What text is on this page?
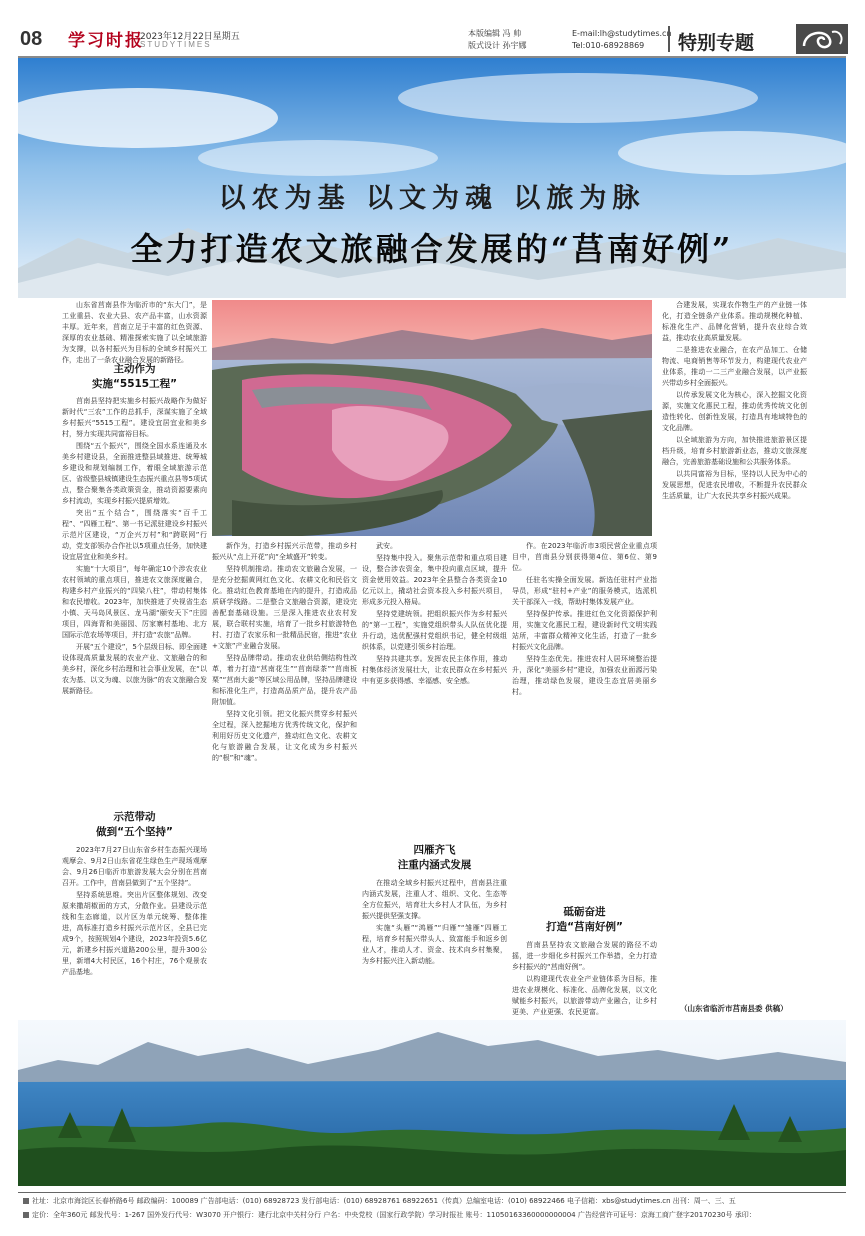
08 学习时报
2023年12月22日星期五
STUDYTIMES
本版编辑 冯 帅
版式设计 孙宇娜
E-mail:lh@studytimes.cn
Tel:010-68928869	特别专题
以农为基 以文为魂 以旅为脉
全力打造农文旅融合发展的“莒南好例”

山东省莒南县作为临沂市的“东大门”，是工业重县、农业大县、农产品丰富，山水资源丰厚。近年来，莒南立足于丰富的红色资源、深厚的农业基础、精准探索实施了以全域旅游为支撑，以各村振兴为目标的全域乡村振兴工作，走出了一条农业融合发展的新路径。

主动作为
实施“5515工程”

莒南县坚持把实施乡村振兴战略作为做好新时代“三农”工作的总抓手，深谋实施了全域乡村振兴“5515工程”。建设宜居宜业和美乡村，努力实现共同富裕目标。

围绕“五个振兴”，围绕全国水系连通及水美乡村建设县，全面推进整县域推进、统筹城乡建设和规划编制工作，着眼全域旅游示范区、省级整县城镇建设生态振兴重点县等5项试点，整合聚集各类政策资金，推动资源要素向乡村流动，实现乡村振兴提质增效。

突出“五个结合”，围绕落实“百千工程”、“四雁工程”、第一书记派驻建设乡村振兴示范片区建设，“万企兴万村”和“跨联网”行动，党支部领办合作社以5项重点任务，加快建设宜居宜业和美乡村。

实施“十大项目”，每年确定10个涉农农业农村领域的重点项目，推进农文旅深度融合，构建乡村产业振兴的“四梁八柱”，带动村集体和农民增收。2023年，加快推进了央视省生态小镇、天马岛风景区、龙马湖“颐安天下”庄园项目，四海青和美丽园、厉家寨村基地、北方国际示范农场等项目，并打造“农旅”品牌。

开展“五个建设”，5个层级目标、即全面建设体现高质量发展的农业产业、文旅融合的和美乡村，深化乡村治理和社会事业发展，在“以农为基、以文为魂、以旅为脉”的农文旅融合发展新路径。

示范带动
做到“五个坚持”

2023年7月27日山东省乡村生态振兴现场观摩会、9月2日山东省花生绿色生产现场观摩会、9月26日临沂市旅游发展大会分别在莒南召开。工作中，莒南县做到了“五个坚持”。

坚持系统思维。突出片区整体规划、改变原来撒胡椒面的方式，分散作业。县建设示范线和生态廊道，以片区为单元统筹、整体推进，高标准打造乡村振兴示范片区，全县已完成9个，按照规划4个建设，2023年投资5.6亿元，新建乡村振兴道路200公里，提升300公里，新增4大村民区，16个村庄，76个观景农产品基地。

新作为，打造乡村振兴示范带，推动乡村振兴从“点上开花”向“全域盛开”转变。

坚持机制推动。推动农文旅融合发展，一是充分挖掘黄网红色文化、农耕文化和民俗文化。推动红色教育基地在内的提升，打造成品质研学线路。二是整合文旅融合资源，建设完善配套基础设施。三是深入推进农业农村发展，联合联村实施，培育了一批乡村旅游特色村、打造了农家乐和一批精品民宿，推进“农业+文旅”产业融合发展。

坚持品牌带动。推动农业供给侧结构性改革，着力打造“莒南花生”“莒南绿茶”“莒南板栗”“莒南大姜”等区域公用品牌，坚持品牌建设和标准化生产，打造高品质产品，提升农产品附加值。

坚持文化引领。把文化振兴贯穿乡村振兴全过程，深入挖掘地方优秀传统文化，保护和利用好历史文化遗产，推动红色文化、农耕文化与旅游融合发展，让文化成为乡村振兴的“根”和“魂”。

武安。

坚持集中投入。聚焦示范带和重点项目建设，整合涉农资金，集中投向重点区域，提升资金使用效益。2023年全县整合各类资金10亿元以上，撬动社会资本投入乡村振兴项目，形成多元投入格局。

坚持党建统领。把组织振兴作为乡村振兴的“第一工程”，实施党组织带头人队伍优化提升行动，选优配强村党组织书记，健全村级组织体系，以党建引领乡村治理。

坚持共建共享。发挥农民主体作用，推动村集体经济发展壮大，让农民群众在乡村振兴中有更多获得感、幸福感、安全感。

四雁齐飞
注重内涵式发展

在推动全域乡村振兴过程中，莒南县注重内涵式发展，注重人才、组织、文化、生态等全方位振兴，培育壮大乡村人才队伍，为乡村振兴提供坚强支撑。

实施“头雁”“鸿雁”“归雁”“雏雁”四雁工程，培育乡村振兴带头人、致富能手和返乡创业人才，推动人才、资金、技术向乡村集聚，为乡村振兴注入新动能。

作。在2023年临沂市3项民营企业重点项目中，莒南县分别获得第4位、第6位、第9位。

任驻名实操全面发展。新选任驻村产业指导员，形成“驻村+产业”的服务模式，选派机关干部深入一线，帮助村集体发展产业。

坚持保护传承。推进红色文化资源保护利用，实施文化惠民工程，建设新时代文明实践站所，丰富群众精神文化生活，打造了一批乡村振兴文化品牌。

坚持生态优先。推进农村人居环境整治提升，深化“美丽乡村”建设，加强农业面源污染治理，推动绿色发展，建设生态宜居美丽乡村。

砥砺奋进
打造“莒南好例”

莒南县坚持农文旅融合发展的路径不动摇，进一步细化乡村振兴工作举措，全力打造乡村振兴的“莒南好例”。

以构建现代农业全产业链体系为目标，推进农业规模化、标准化、品牌化发展，以文化赋能乡村振兴，以旅游带动产业融合，让乡村更美、产业更强、农民更富。

合建发展，实现农作物生产的产业链一体化，打造全链条产业体系。推动规模化种植、标准化生产、品牌化营销，提升农业综合效益，推动农业高质量发展。

二是推进农业融合，在农产品加工、仓储物流、电商销售等环节发力，构建现代农业产业体系，推动一二三产业融合发展，以产业振兴带动乡村全面振兴。

以传承发展文化为核心，深入挖掘文化资源，实施文化惠民工程，推动优秀传统文化创造性转化、创新性发展，打造具有地域特色的文化品牌。

以全域旅游为方向，加快推进旅游景区提档升级，培育乡村旅游新业态，推动文旅深度融合，完善旅游基础设施和公共服务体系。

以共同富裕为目标，坚持以人民为中心的发展思想，促进农民增收，不断提升农民群众生活质量，让广大农民共享乡村振兴成果。

（山东省临沂市莒南县委 供稿）
社址：北京市海淀区长春桥路6号 邮政编码：100089 广告部电话：(010) 68928723 发行部电话：(010) 68928761 68922651（传真）总编室电话：(010) 68922466 电子信箱：xbs@studytimes.cn 出刊：周一、三、五
定价：全年360元 邮发代号：1-267 国外发行代号：W3070 开户银行：建行北京中关村分行 户名：中央党校（国家行政学院）学习时报社 账号：11050163360000000004 广告经营许可证号：京海工商广登字20170230号 承印：
